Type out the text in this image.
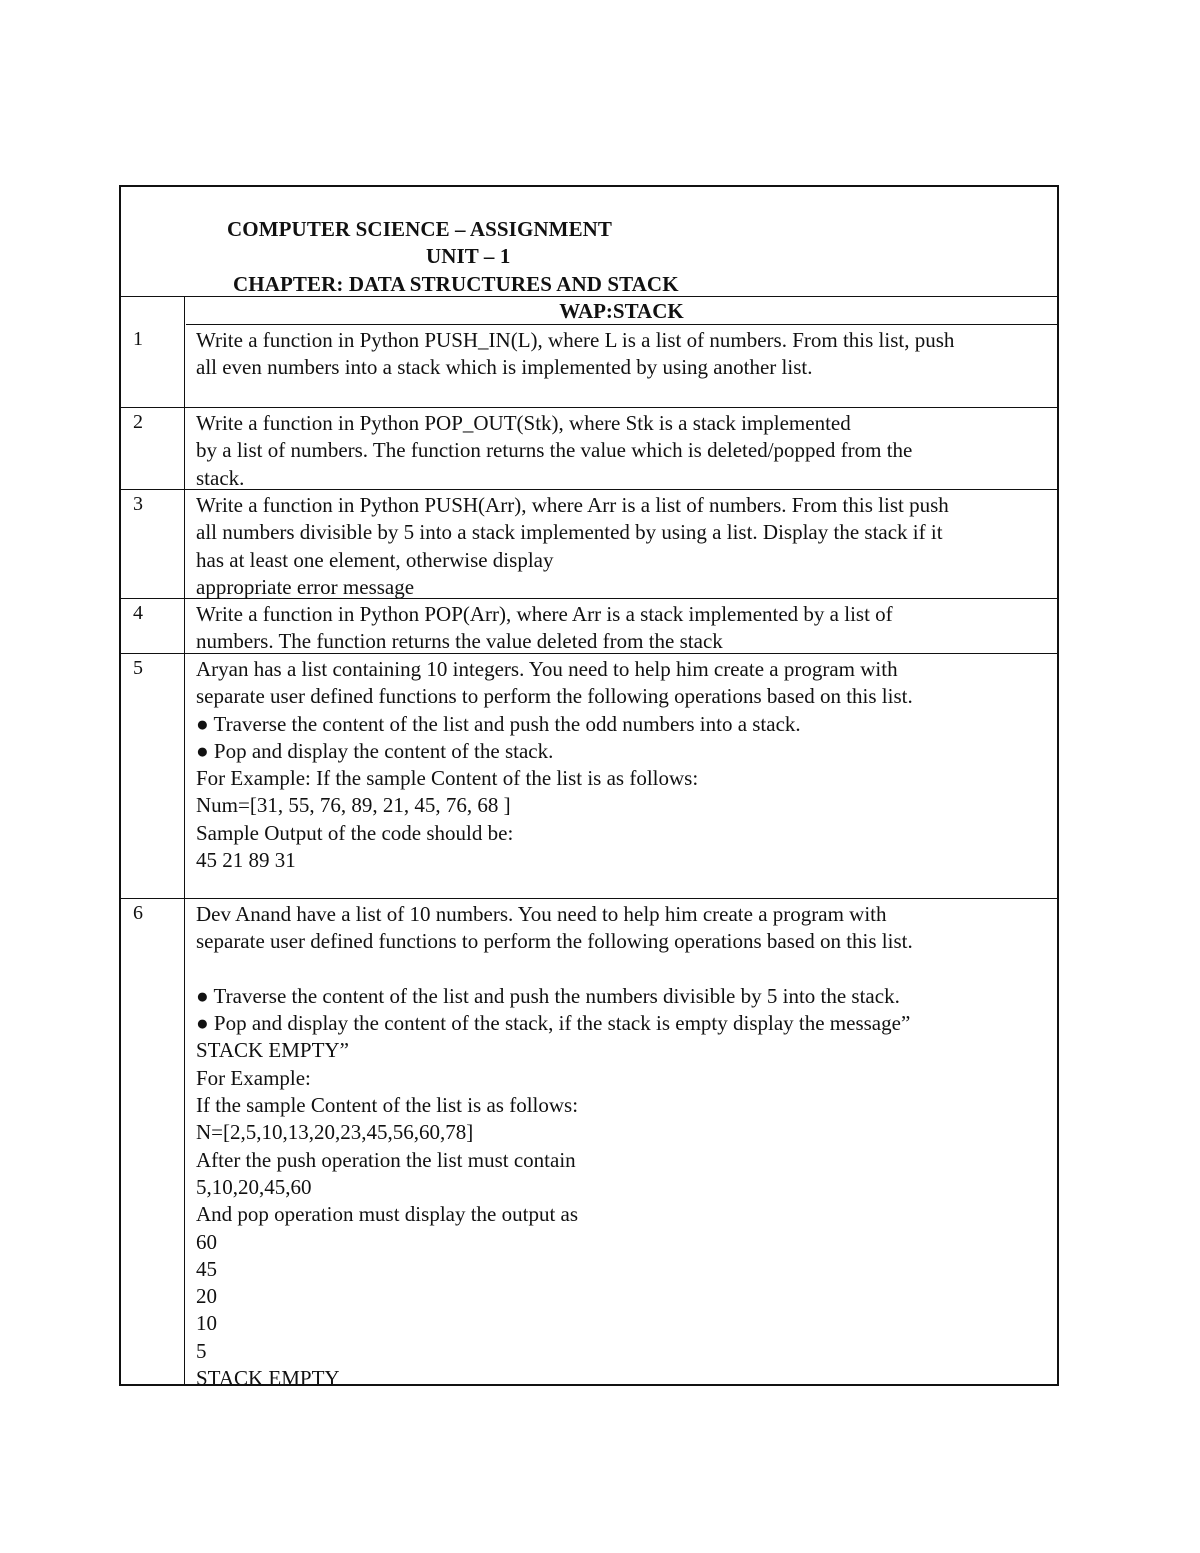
COMPUTER SCIENCE – ASSIGNMENT
UNIT – 1
CHAPTER: DATA STRUCTURES AND STACK
WAP:STACK
1	Write a function in Python PUSH_IN(L), where L is a list of numbers. From this list, push
all even numbers into a stack which is implemented by using another list.
2	Write a function in Python POP_OUT(Stk), where Stk is a stack implemented
by a list of numbers. The function returns the value which is deleted/popped from the
stack.
3	Write a function in Python PUSH(Arr), where Arr is a list of numbers. From this list push
all numbers divisible by 5 into a stack implemented by using a list. Display the stack if it
has at least one element, otherwise display
appropriate error message
4	Write a function in Python POP(Arr), where Arr is a stack implemented by a list of
numbers. The function returns the value deleted from the stack
5	Aryan has a list containing 10 integers. You need to help him create a program with
separate user defined functions to perform the following operations based on this list.
● Traverse the content of the list and push the odd numbers into a stack.
● Pop and display the content of the stack.
For Example: If the sample Content of the list is as follows:
Num=[31, 55, 76, 89, 21, 45, 76, 68 ]
Sample Output of the code should be:
45 21 89 31
6	Dev Anand have a list of 10 numbers. You need to help him create a program with
separate user defined functions to perform the following operations based on this list.
● Traverse the content of the list and push the numbers divisible by 5 into the stack.
● Pop and display the content of the stack, if the stack is empty display the message”
STACK EMPTY”
For Example:
If the sample Content of the list is as follows:
N=[2,5,10,13,20,23,45,56,60,78]
After the push operation the list must contain
5,10,20,45,60
And pop operation must display the output as
60
45
20
10
5
STACK EMPTY
